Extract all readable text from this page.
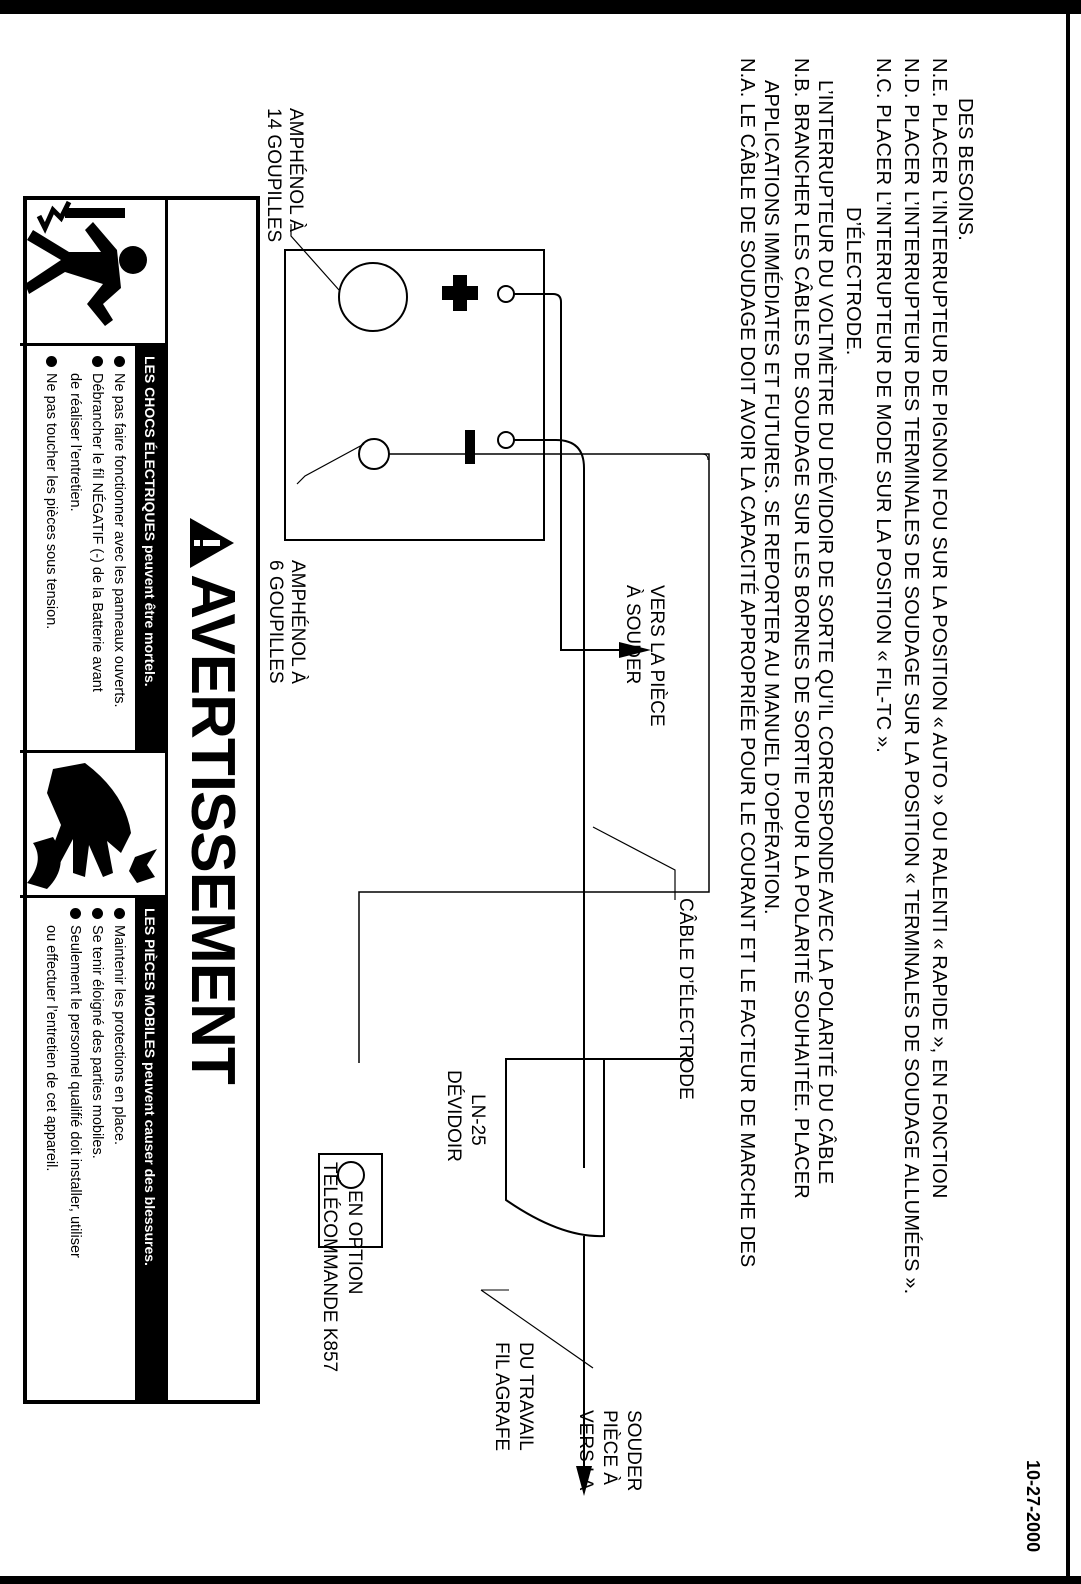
AVERTISSEMENT
LES CHOCS ÉLECTRIQUES peuvent être mortels.
Ne pas faire fonctionner avec les panneaux ouverts.
Débrancher le fil NÉGATIF (-) de la Batterie avant
de réaliser l’entretien.
Ne pas toucher les pièces sous tension.
LES PIÈCES MOBILES peuvent causer des blessures.
Maintenir les protections en place.
Se tenir éloigné des parties mobiles.
Seulement le personnel qualifié doit installer, utiliser
ou effectuer l’entretien de cet appareil.
AMPHÉNOL À
14 GOUPILLES
AMPHÉNOL À
6 GOUPILLES	VERS LA PIÈCE
À SOUDER
CÂBLE D’ÉLECTRODE
TÉLÉCOMMANDE K857 EN OPTION
DÉVIDOIR LN-25
FIL AGRAFE DU TRAVAIL VERS LA PIÈCE À SOUDER
N.A. LE CÂBLE DE SOUDAGE DOIT AVOIR LA CAPACITÉ APPROPRIÉE POUR LE COURANT ET LE FACTEUR DE MARCHE DES APPLICATIONS IMMÉDIATES ET FUTURES. SE REPORTER AU MANUEL D’OPÉRATION. N.B. BRANCHER LES CÂBLES DE SOUDAGE SUR LES BORNES DE SORTIE POUR LA POLARITÉ SOUHAITÉE. PLACER L’INTERRUPTEUR DU VOLTMÈTRE DU DÉVIDOIR DE SORTE QU’IL CORRESPONDE AVEC LA POLARITÉ DU CÂBLE D’ÉLECTRODE. N.C. PLACER L’INTERRUPTEUR DE MODE SUR LA POSITION « FIL-TC ». N.D. PLACER L’INTERRUPTEUR DES TERMINALES DE SOUDAGE SUR LA POSITION « TERMINALES DE SOUDAGE ALLUMÉES ». N.E. PLACER L’INTERRUPTEUR DE PIGNON FOU SUR LA POSITION « AUTO » OU RALENTI « RAPIDE », EN FONCTION DES BESOINS.
10-27-2000
